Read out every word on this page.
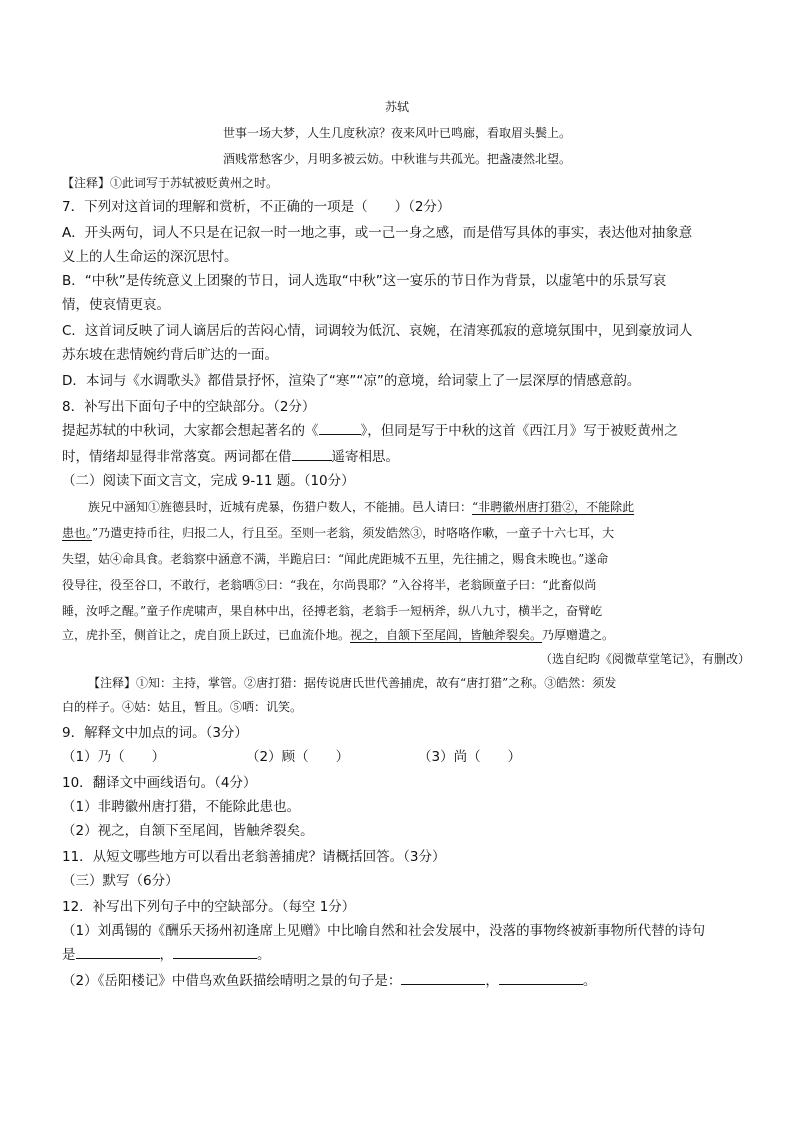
苏轼
世事一场大梦，人生几度秋凉？夜来风叶已鸣廊，看取眉头鬓上。
酒贱常愁客少，月明多被云妨。中秋谁与共孤光。把盏凄然北望。
【注释】①此词写于苏轼被贬黄州之时。
7．下列对这首词的理解和赏析，不正确的一项是（　　）（2分）
A．开头两句，词人不只是在记叙一时一地之事，或一己一身之感，而是借写具体的事实，表达他对抽象意
义上的人生命运的深沉思忖。
B．“中秋”是传统意义上团聚的节日，词人选取“中秋”这一宴乐的节日作为背景，以虚笔中的乐景写哀
情，使哀情更哀。
C．这首词反映了词人谪居后的苦闷心情，词调较为低沉、哀婉，在清寒孤寂的意境氛围中，见到豪放词人
苏东坡在悲情婉约背后旷达的一面。
D．本词与《水调歌头》都借景抒怀，渲染了“寒”“凉”的意境，给词蒙上了一层深厚的情感意韵。
8．补写出下面句子中的空缺部分。（2分）
提起苏轼的中秋词，大家都会想起著名的《	》，但同是写于中秋的这首《西江月》写于被贬黄州之
时，情绪却显得非常落寞。两词都在借	遥寄相思。
（二）阅读下面文言文，完成 9-11 题。（10分）
族兄中涵知①旌德县时，近城有虎暴，伤猎户数人，不能捕。邑人请曰：“非聘徽州唐打猎②，不能除此
患也。”乃遣吏持币往，归报二人，行且至。至则一老翁，须发皓然③，时咯咯作嗽，一童子十六七耳，大
失望，姑④命具食。老翁察中涵意不满，半跪启曰：“闻此虎距城不五里，先往捕之，赐食未晚也。”遂命
役导往，役至谷口，不敢行，老翁哂⑤曰：“我在，尔尚畏耶？”入谷将半，老翁顾童子曰：“此畜似尚
睡，汝呼之醒。”童子作虎啸声，果自林中出，径搏老翁，老翁手一短柄斧，纵八九寸，横半之，奋臂屹
立，虎扑至，侧首让之，虎自顶上跃过，已血流仆地。视之，自颔下至尾闾，皆触斧裂矣。乃厚赠遣之。
（选自纪昀《阅微草堂笔记》，有删改）
【注释】①知：主持，掌管。②唐打猎：据传说唐氏世代善捕虎，故有“唐打猎”之称。③皓然：须发
白的样子。④姑：姑且，暂且。⑤哂：讥笑。
9．解释文中加点的词。（3分）
（1）乃（　　）	（2）顾（　　）	（3）尚（　　）
10．翻译文中画线语句。（4分）
（1）非聘徽州唐打猎，不能除此患也。
（2）视之，自颔下至尾闾，皆触斧裂矣。
11．从短文哪些地方可以看出老翁善捕虎？请概括回答。（3分）
（三）默写（6分）
12．补写出下列句子中的空缺部分。（每空 1分）
（1）刘禹锡的《酬乐天扬州初逢席上见赠》中比喻自然和社会发展中，没落的事物终被新事物所代替的诗句
是	，	。
（2）《岳阳楼记》中借鸟欢鱼跃描绘晴明之景的句子是：	，	。
